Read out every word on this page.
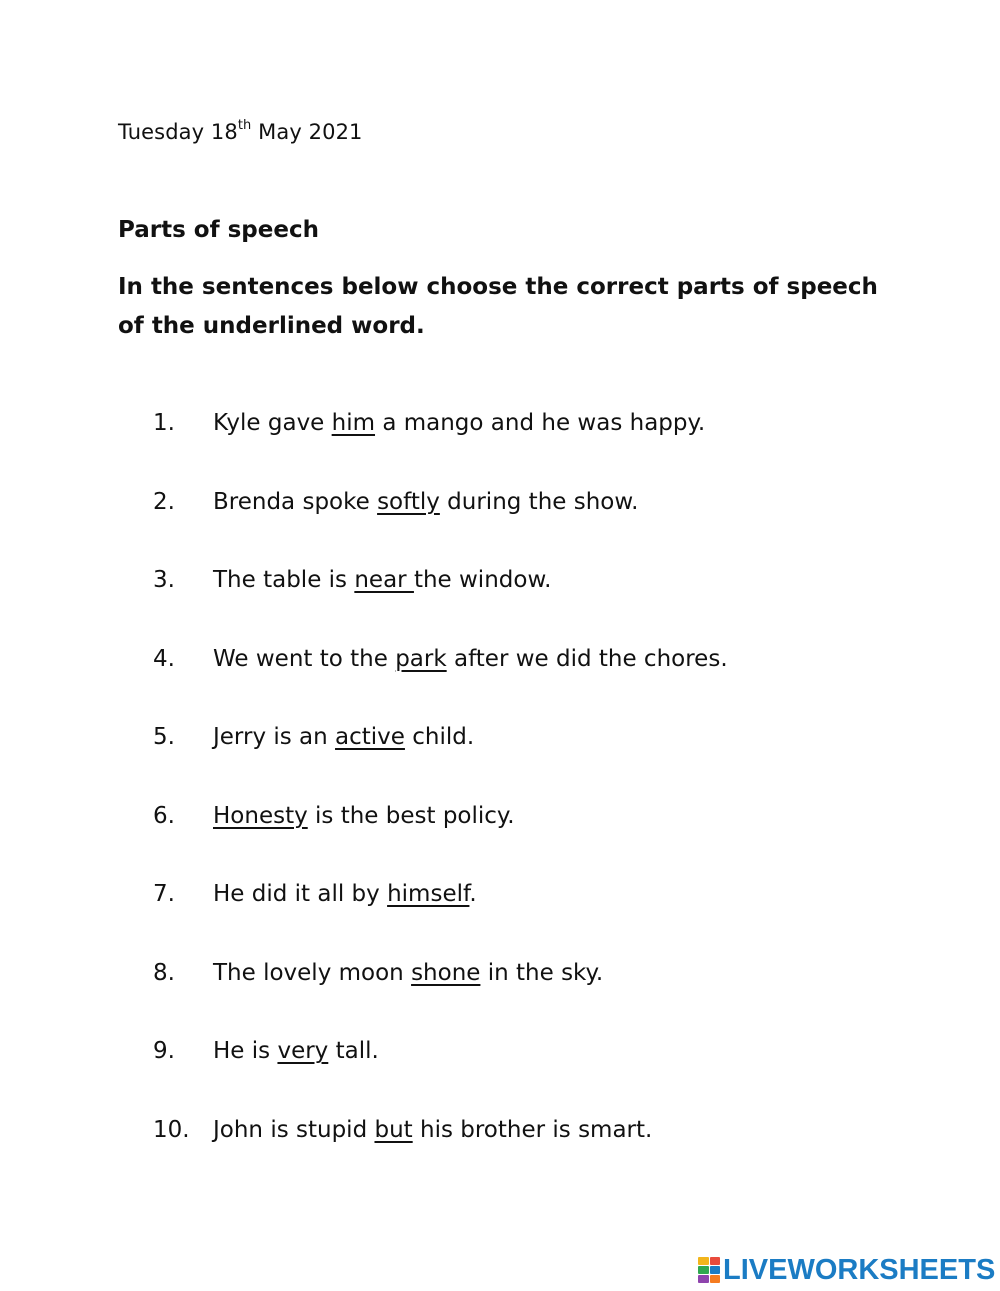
Tuesday 18th May 2021
Parts of speech
In the sentences below choose the correct parts of speech of the underlined word.
1. Kyle gave him a mango and he was happy.
2. Brenda spoke softly during the show.
3. The table is near the window.
4. We went to the park after we did the chores.
5. Jerry is an active child.
6. Honesty is the best policy.
7. He did it all by himself.
8. The lovely moon shone in the sky.
9. He is very tall.
10. John is stupid but his brother is smart.
LIVEWORKSHEETS
